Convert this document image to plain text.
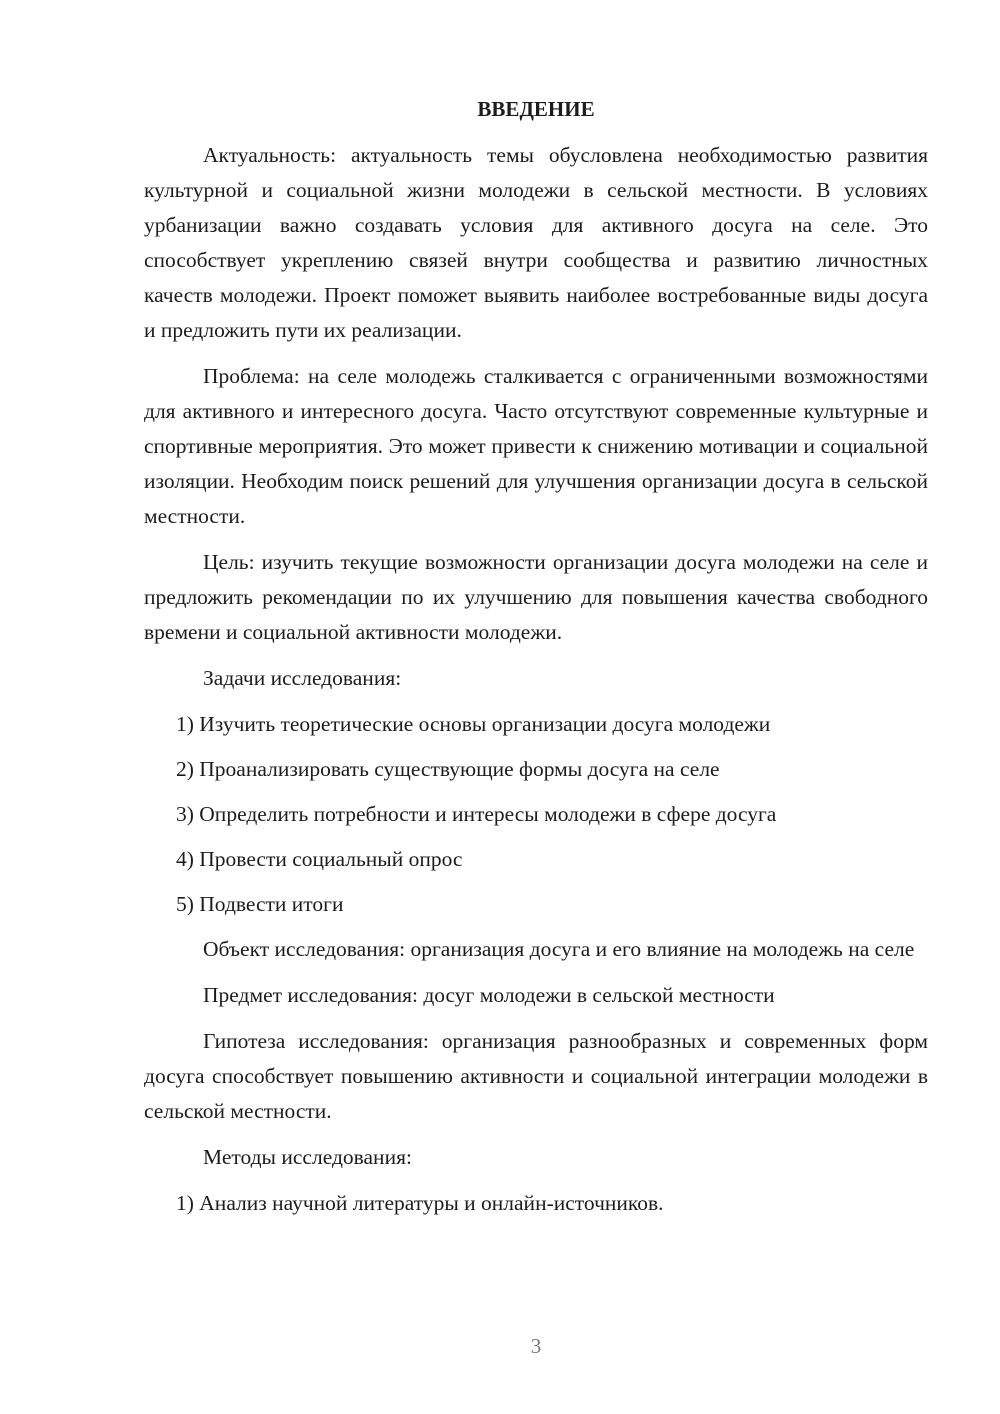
ВВЕДЕНИЕ

Актуальность: актуальность темы обусловлена необходимостью развития культурной и социальной жизни молодежи в сельской местности. В условиях урбанизации важно создавать условия для активного досуга на селе. Это способствует укреплению связей внутри сообщества и развитию личностных качеств молодежи. Проект поможет выявить наиболее востребованные виды досуга и предложить пути их реализации.

Проблема: на селе молодежь сталкивается с ограниченными возможностями для активного и интересного досуга. Часто отсутствуют современные культурные и спортивные мероприятия. Это может привести к снижению мотивации и социальной изоляции. Необходим поиск решений для улучшения организации досуга в сельской местности.

Цель: изучить текущие возможности организации досуга молодежи на селе и предложить рекомендации по их улучшению для повышения качества свободного времени и социальной активности молодежи.

Задачи исследования:

1) Изучить теоретические основы организации досуга молодежи

2) Проанализировать существующие формы досуга на селе

3) Определить потребности и интересы молодежи в сфере досуга

4) Провести социальный опрос

5) Подвести итоги

Объект исследования: организация досуга и его влияние на молодежь на селе

Предмет исследования: досуг молодежи в сельской местности

Гипотеза исследования: организация разнообразных и современных форм досуга способствует повышению активности и социальной интеграции молодежи в сельской местности.

Методы исследования:

1) Анализ научной литературы и онлайн-источников.

3
